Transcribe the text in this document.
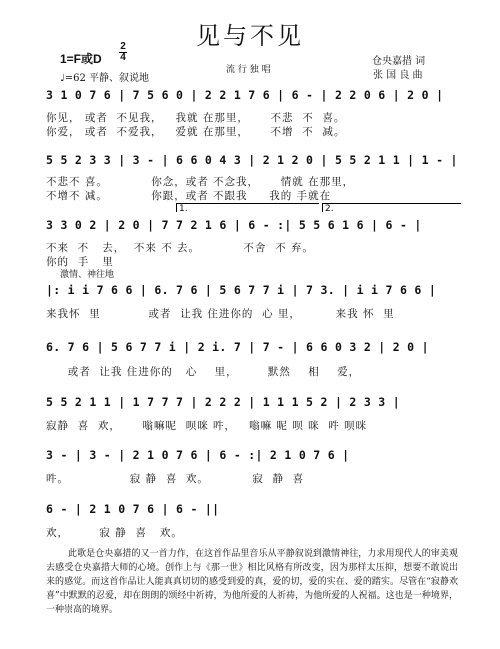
见与不见
1=F或D $\frac{2}{4}$
♩=62 平静、叙说地
流 行 独 唱
仓央嘉措 词
张 国 良 曲
3 1 0 7 6 | 7 5 6 0 | 2 2 1 7 6 | 6 - | 2 2 0 6 | 2 0 |
你见， 或者  不见我，   我就 在那里，     不悲  不  喜。
你爱， 或者  不爱我，   爱就 在那里，     不增  不  减。
5 5 2 3 3 | 3 - | 6 6 0 4 3 | 2 1 2 0 | 5 5 2 1 1 | 1 - |
不悲不 喜。          你念，或者 不念我，     情就 在那里，
不增不 减。          你跟，或者 不跟我     我的 手就在
1.	2.
3 3 0 2 | 2 0 | 7 7 2 1 6 | 6 - :| 5 5 6 1 6 | 6 - |
不来  不   去，  不来 不 去。          不舍  不 弃。
你的  手   里
激情、神往地
|: i i 7 6 6 | 6. 7 6 | 5 6 7 7 i | 7 3. | i i 7 6 6 |
来我怀  里           或者  让我 住进你的  心 里，        来我 怀  里
6. 7 6 | 5 6 7 7 i | 2 i. 7 | 7 - | 6 6 0 3 2 | 2 0 |
或者  让我 住进你的   心    里，       默然    相    爱，
5 5 2 1 1 | 1 7 7 7 | 2 2 2 | 1 1 1 5 2 | 2 3 3 |
寂静  喜  欢，     嗡嘛呢  呗咪 吽，   嗡嘛 呢 呗 咪  吽 呗咪
3 - | 3 - | 2 1 0 7 6 | 6 - :| 2 1 0 7 6 |
吽。              寂 静  喜  欢。          寂  静  喜
6 - | 2 1 0 7 6 | 6 - ||
欢，       寂 静  喜   欢。

此歌是仓央嘉措的又一首力作，在这首作品里音乐从平静叙说到激情神往，力求用现代人的审美观去感受仓央嘉措大师的心境。创作上与《那一世》相比风格有所改变，因为那样太压抑，想要不敢说出来的感觉。而这首作品让人能真真切切的感受到爱的真，爱的切，爱的实在、爱的踏实。尽管在“寂静欢喜”中默默的忍爱，却在朗朗的颂经中祈祷，为他所爱的人祈祷，为他所爱的人祝福。这也是一种境界，一种崇高的境界。
